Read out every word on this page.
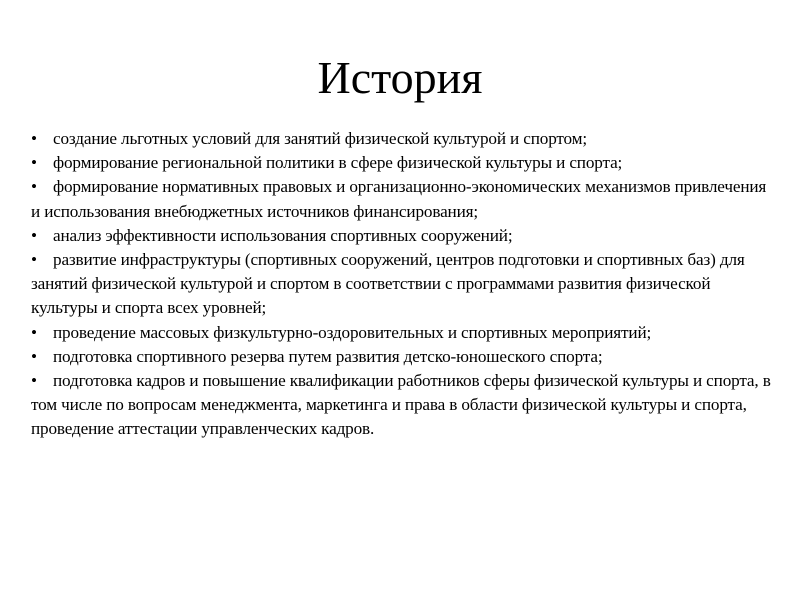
История
• создание льготных условий для занятий физической культурой и спортом;
• формирование региональной политики в сфере физической культуры и спорта;
• формирование нормативных правовых и организационно-экономических механизмов привлечения и использования внебюджетных источников финансирования;
• анализ эффективности использования спортивных сооружений;
• развитие инфраструктуры (спортивных сооружений, центров подготовки и спортивных баз) для занятий физической культурой и спортом в соответствии с программами развития физической культуры и спорта всех уровней;
• проведение массовых физкультурно-оздоровительных и спортивных мероприятий;
• подготовка спортивного резерва путем развития детско-юношеского спорта;
• подготовка кадров и повышение квалификации работников сферы физической культуры и спорта, в том числе по вопросам менеджмента, маркетинга и права в области физической культуры и спорта, проведение аттестации управленческих кадров.
